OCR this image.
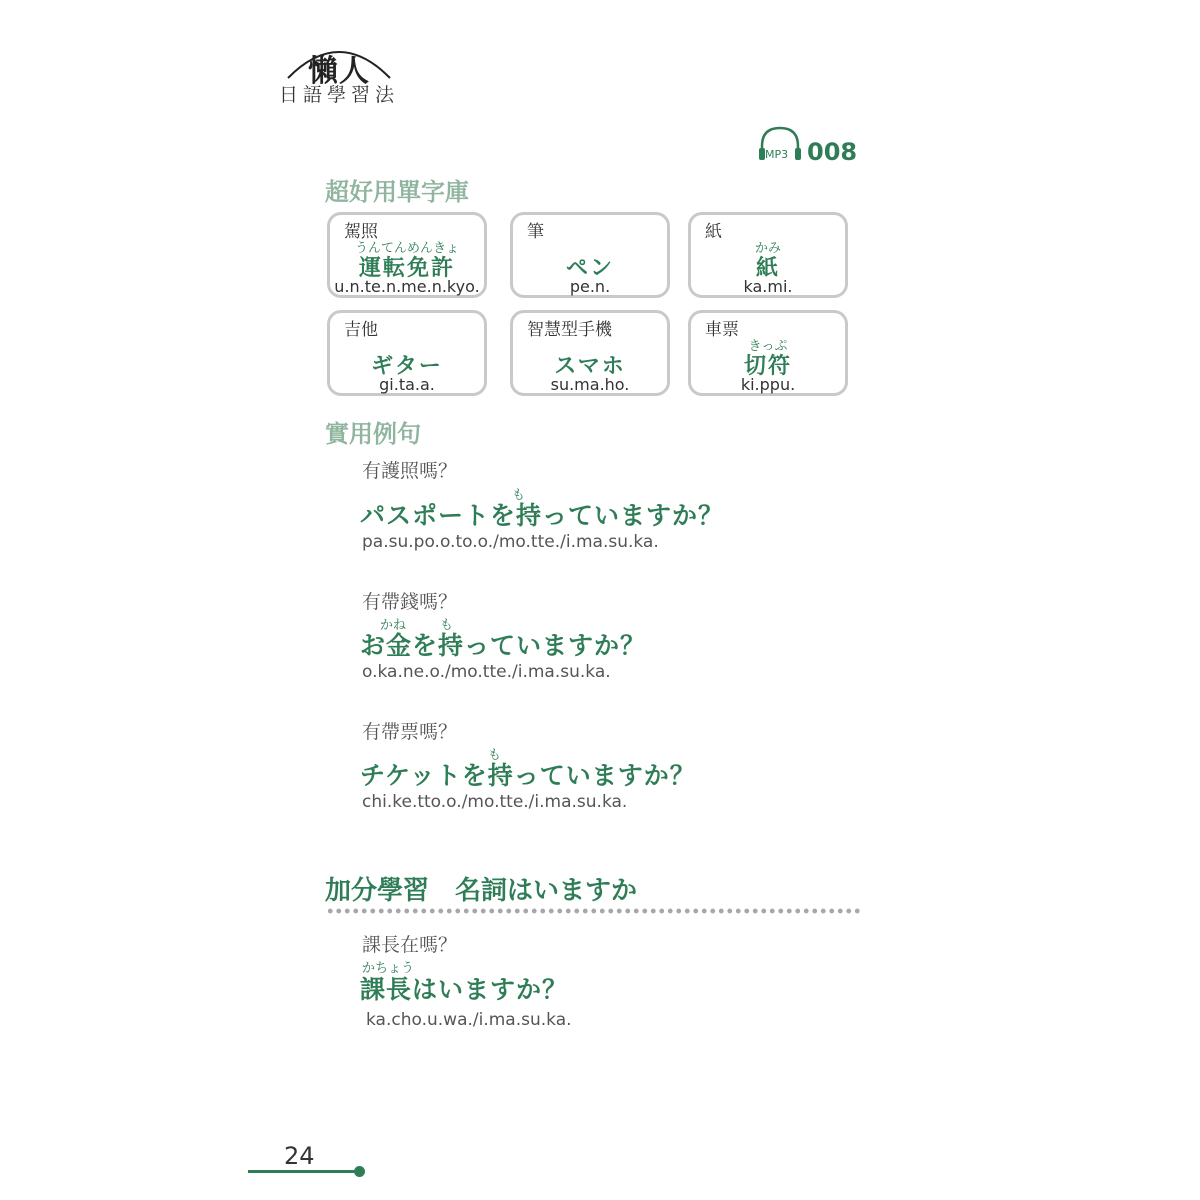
懶人
日語學習法
MP3 008
超好用單字庫
駕照
うんてんめんきょ
運転免許
u.n.te.n.me.n.kyo.
筆
ペン
pe.n.
紙
かみ
紙
ka.mi.
吉他
ギター
gi.ta.a.
智慧型手機
スマホ
su.ma.ho.
車票
きっぷ
切符
ki.ppu.
實用例句
有護照嗎？
も
パスポートを持っていますか？
pa.su.po.o.to.o./mo.tte./i.ma.su.ka.
有帶錢嗎？
かね	も
お金を持っていますか？
o.ka.ne.o./mo.tte./i.ma.su.ka.
有帶票嗎？
も
チケットを持っていますか？
chi.ke.tto.o./mo.tte./i.ma.su.ka.
加分學習　名詞はいますか
課長在嗎？
かちょう
課長はいますか？
ka.cho.u.wa./i.ma.su.ka.
24
